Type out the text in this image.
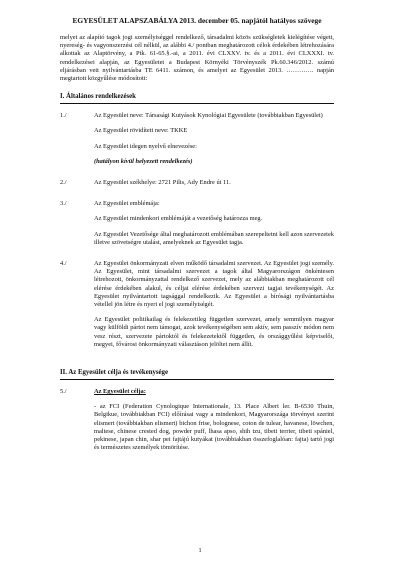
EGYESÜLET ALAPSZABÁLYA 2013. december 05. napjától hatályos szövege

melyet az alapító tagok jogi személyiséggel rendelkező, társadalmi közös szükségletek kielégítése végett, nyereség- és vagyonszerzési cél nélkül, az alábbi 4./ pontban meghatározott célok érdekében létrehozására alkottak az Alaptörvény, a Ptk. 61-65.§.-ai, a 2011. évi CLXXV. tv. és a 2011. évi CLXXXI. tv. rendelkezései alapján, az Egyesületet a Budapest Környéki Törvényszék Pk.60.346/2012. számú eljárásban vett nyilvántartásba TE 6411. számon, és amelyet az Egyesület 2013. …………. napján megtartott közgyűlése módosított:

I. Általános rendelkezések
1./	Az Egyesület neve: Társasági Kutyások Kynológiai Egyesülete (továbbiakban Egyesület)

Az Egyesület rövidített neve: TKKE

Az Egyesület idegen nyelvű elnevezése:

(hatályon kívül helyezett rendelkezés)

2./	Az Egyesület székhelye: 2721 Pilis, Ady Endre út 11.

3./	Az Egyesület emblémája:

Az Egyesület mindenkori emblémáját a vezetőség határozza meg.

Az Egyesület Vezetősége által meghatározott emblémában szerepeltetni kell azon szervezetek illetve szövetségre utalást, amelyeknek az Egyesület tagja.

4./	Az Egyesület önkormányzati elven működő társadalmi szervezet. Az Egyesület jogi személy. Az Egyesület, mint társadalmi szervezet a tagok által Magyarországon önkéntesen létrehozott, önkormányzattal rendelkező szervezet, mely az alábbiakban meghatározott cél elérése érdekében alakul, és céljai elérése érdekében szervezi tagjai tevékenységét. Az Egyesület nyilvántartott tagsággal rendelkezik. Az Egyesület a bírósági nyilvántartásba vétellel jön létre és nyeri el jogi személyiségét.

Az Egyesület politikailag és felekezetileg független szervezet, amely semmilyen magyar vagy külföldi pártot nem támogat, azok tevékenységében sem aktív, sem passzív módon nem vesz részt, szervezete pártoktól és felekezetektől független, és országgyűlési képviselői, megyei, fővárosi önkormányzati választáson jelöltet nem állít.

II. Az Egyesület célja és tevékenysége
5./	Az Egyesület célja:

- az FCI (Federation Cynologique Internationale, 13. Place Albert ler. B-6530 Thuin, Belgikue, továbbiakban FCI) előírásai vagy a mindenkori, Magyarországa törvényei szerint elismert (továbbiakban elismert) bichon frise, bolognese, coton de tulear, havanese, löwchen, maltese, chinese crested dog, powder puff, lhasa apso, shih tzu, tibeti terrier, tibeti spániel, pekinese, japan chin, shar pei fajtájú kutyákat (továbbiakban összefoglalóan: fajta) tartó jogi és természetes személyek tömörítése.

1
